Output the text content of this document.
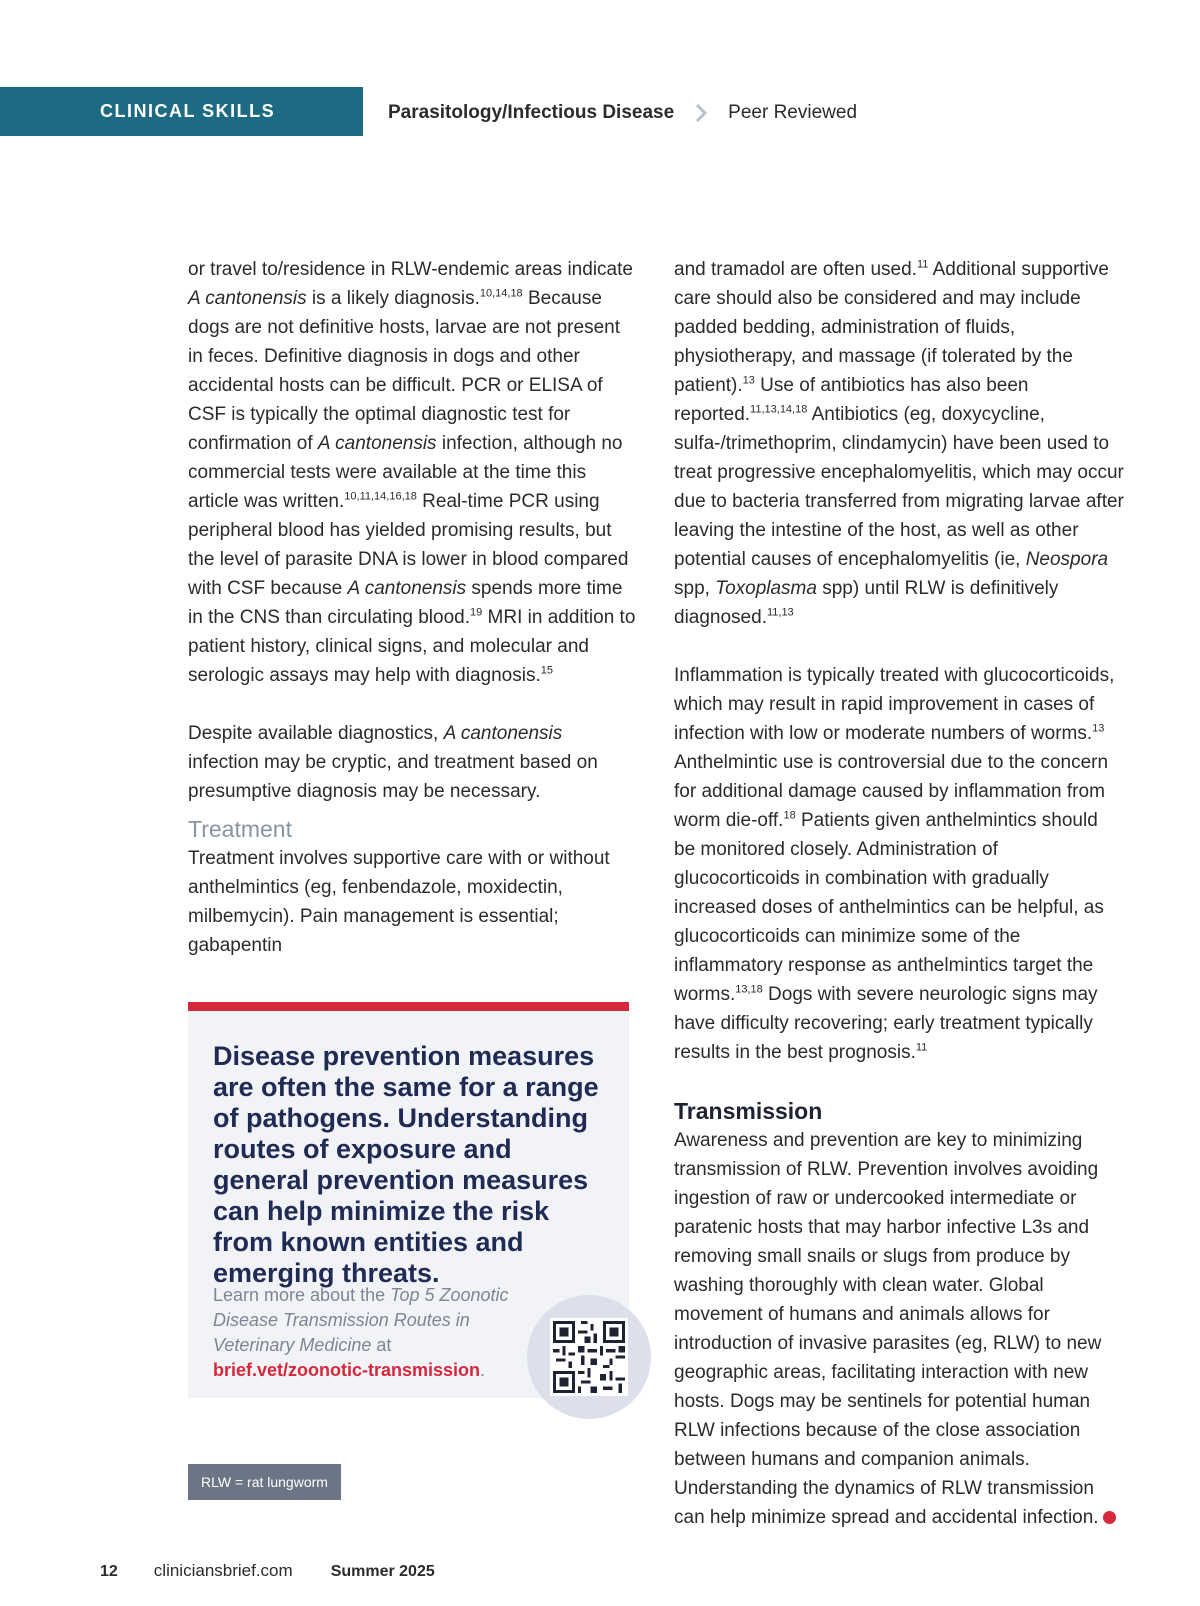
CLINICAL SKILLS	Parasitology/Infectious Disease	Peer Reviewed

or travel to/residence in RLW-endemic areas indicate A cantonensis is a likely diagnosis.$^{10,14,18}$ Because dogs are not definitive hosts, larvae are not present in feces. Definitive diagnosis in dogs and other accidental hosts can be difficult. PCR or ELISA of CSF is typically the optimal diagnostic test for confirmation of A cantonensis infection, although no commercial tests were available at the time this article was written.$^{10,11,14,16,18}$ Real-time PCR using peripheral blood has yielded promising results, but the level of parasite DNA is lower in blood compared with CSF because A cantonensis spends more time in the CNS than circulating blood.$^{19}$ MRI in addition to patient history, clinical signs, and molecular and serologic assays may help with diagnosis.$^{15}$

Despite available diagnostics, A cantonensis infection may be cryptic, and treatment based on presumptive diagnosis may be necessary.

Treatment

Treatment involves supportive care with or without anthelmintics (eg, fenbendazole, moxidectin, milbemycin). Pain management is essential; gabapentin

and tramadol are often used.$^{11}$ Additional supportive care should also be considered and may include padded bedding, administration of fluids, physiotherapy, and massage (if tolerated by the patient).$^{13}$ Use of antibiotics has also been reported.$^{11,13,14,18}$ Antibiotics (eg, doxycycline, sulfa-/trimethoprim, clindamycin) have been used to treat progressive encephalomyelitis, which may occur due to bacteria transferred from migrating larvae after leaving the intestine of the host, as well as other potential causes of encephalomyelitis (ie, Neospora spp, Toxoplasma spp) until RLW is definitively diagnosed.$^{11,13}$

Inflammation is typically treated with glucocorticoids, which may result in rapid improvement in cases of infection with low or moderate numbers of worms.$^{13}$ Anthelmintic use is controversial due to the concern for additional damage caused by inflammation from worm die-off.$^{18}$ Patients given anthelmintics should be monitored closely. Administration of glucocorticoids in combination with gradually increased doses of anthelmintics can be helpful, as glucocorticoids can minimize some of the inflammatory response as anthelmintics target the worms.$^{13,18}$ Dogs with severe neurologic signs may have difficulty recovering; early treatment typically results in the best prognosis.$^{11}$

Transmission

Awareness and prevention are key to minimizing transmission of RLW. Prevention involves avoiding ingestion of raw or undercooked intermediate or paratenic hosts that may harbor infective L3s and removing small snails or slugs from produce by washing thoroughly with clean water. Global movement of humans and animals allows for introduction of invasive parasites (eg, RLW) to new geographic areas, facilitating interaction with new hosts. Dogs may be sentinels for potential human RLW infections because of the close association between humans and companion animals. Understanding the dynamics of RLW transmission can help minimize spread and accidental infection.

Disease prevention measures are often the same for a range of pathogens. Understanding routes of exposure and general prevention measures can help minimize the risk from known entities and emerging threats.
Learn more about the Top 5 Zoonotic Disease Transmission Routes in Veterinary Medicine at brief.vet/zoonotic-transmission.
RLW = rat lungworm
12 cliniciansbrief.com Summer 2025
